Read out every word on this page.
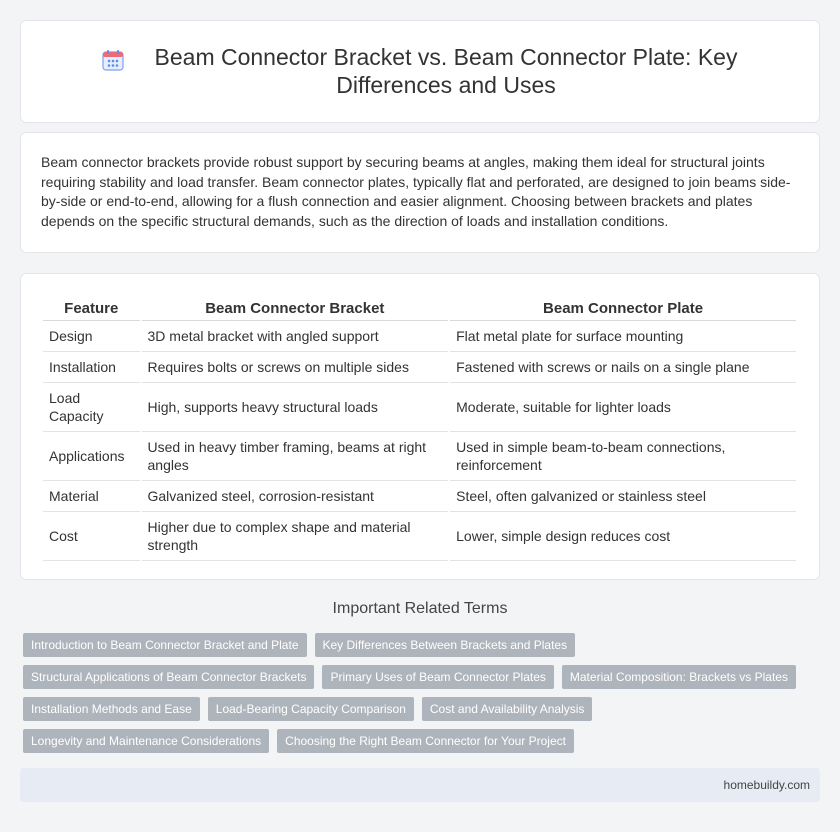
Beam Connector Bracket vs. Beam Connector Plate: Key Differences and Uses

Beam connector brackets provide robust support by securing beams at angles, making them ideal for structural joints requiring stability and load transfer. Beam connector plates, typically flat and perforated, are designed to join beams side-by-side or end-to-end, allowing for a flush connection and easier alignment. Choosing between brackets and plates depends on the specific structural demands, such as the direction of loads and installation conditions.

Feature	Beam Connector Bracket	Beam Connector Plate
Design	3D metal bracket with angled support	Flat metal plate for surface mounting
Installation	Requires bolts or screws on multiple sides	Fastened with screws or nails on a single plane
Load Capacity	High, supports heavy structural loads	Moderate, suitable for lighter loads
Applications	Used in heavy timber framing, beams at right angles	Used in simple beam-to-beam connections, reinforcement
Material	Galvanized steel, corrosion-resistant	Steel, often galvanized or stainless steel
Cost	Higher due to complex shape and material strength	Lower, simple design reduces cost
Important Related Terms
Introduction to Beam Connector Bracket and Plate	Key Differences Between Brackets and Plates
Structural Applications of Beam Connector Brackets	Primary Uses of Beam Connector Plates	Material Composition: Brackets vs Plates
Installation Methods and Ease	Load-Bearing Capacity Comparison	Cost and Availability Analysis
Longevity and Maintenance Considerations	Choosing the Right Beam Connector for Your Project
homebuildy.com
